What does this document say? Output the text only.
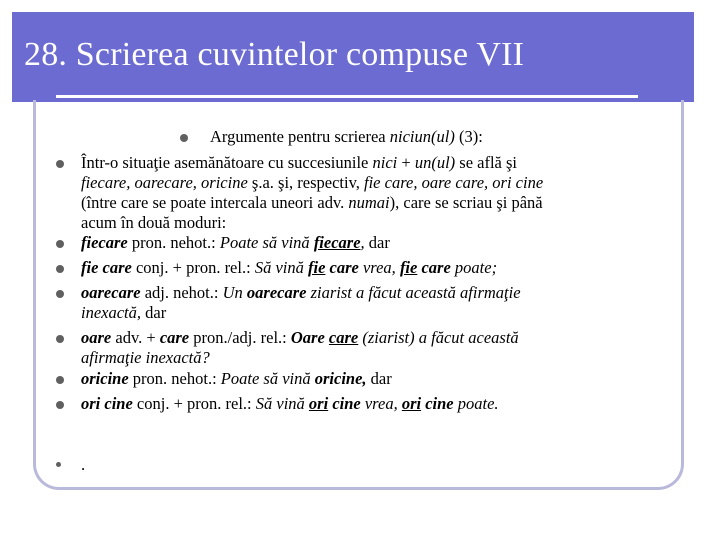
28. Scrierea cuvintelor compuse VII
Argumente pentru scrierea niciun(ul) (3):
Într-o situaţie asemănătoare cu succesiunile nici + un(ul) se află şi
fiecare, oarecare, oricine ş.a. şi, respectiv, fie care, oare care, ori cine
(între care se poate intercala uneori adv. numai), care se scriau şi până
acum în două moduri:
fiecare pron. nehot.: Poate să vină fiecare, dar
fie care conj. + pron. rel.: Să vină fie care vrea, fie care poate;
oarecare adj. nehot.: Un oarecare ziarist a făcut această afirmaţie
inexactă, dar
oare adv. + care pron./adj. rel.: Oare care (ziarist) a făcut această
afirmaţie inexactă?
oricine pron. nehot.: Poate să vină oricine, dar
ori cine conj. + pron. rel.: Să vină ori cine vrea, ori cine poate.
.
